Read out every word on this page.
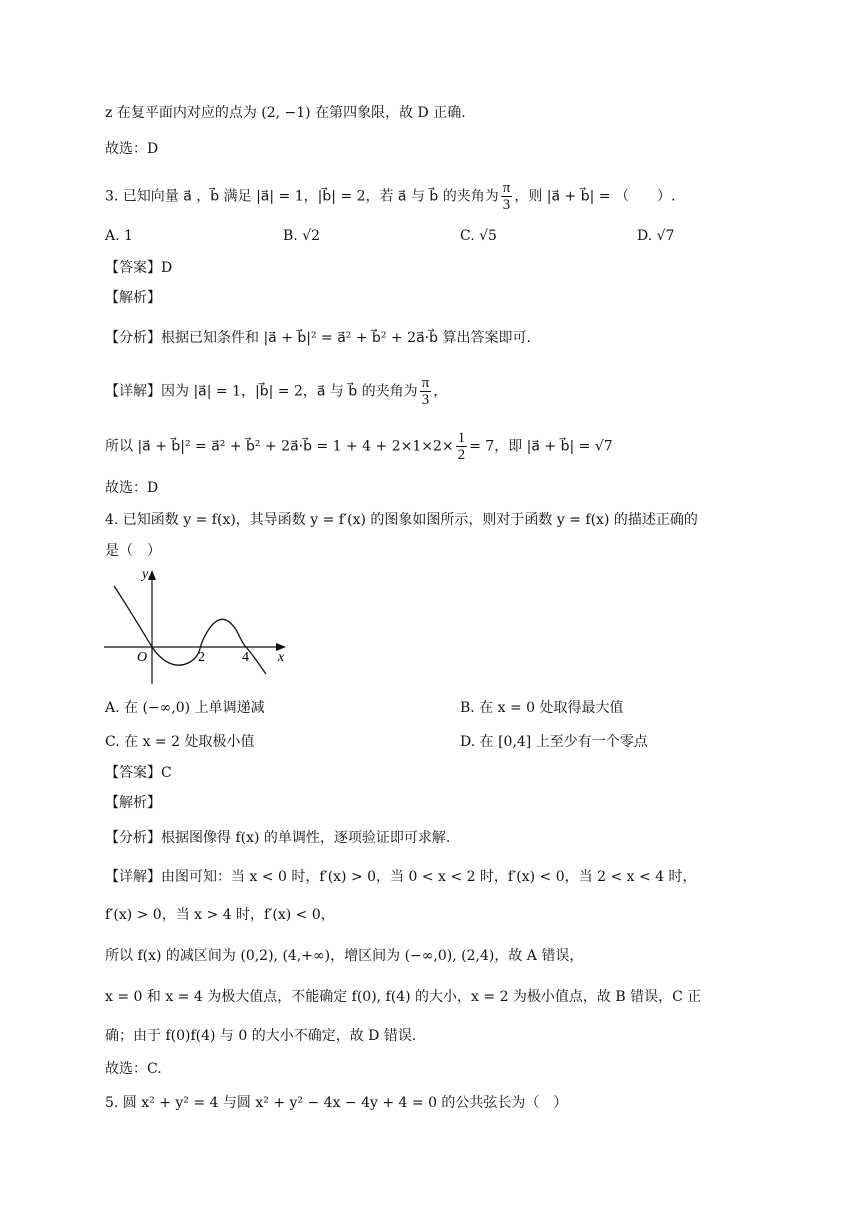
z 在复平面内对应的点为 (2, −1) 在第四象限，故 D 正确.
故选：D
3. 已知向量 a⃗ ，b⃗ 满足 |a⃗| = 1，|b⃗| = 2，若 a⃗ 与 b⃗ 的夹角为 $\frac{\pi}{3}$ ，则 |a⃗ + b⃗| = （　　）.
A. 1	B. √2	C. √5	D. √7
【答案】D
【解析】
【分析】根据已知条件和 |a⃗ + b⃗|² = a⃗² + b⃗² + 2a⃗·b⃗ 算出答案即可.
【详解】因为 |a⃗| = 1，|b⃗| = 2，a⃗ 与 b⃗ 的夹角为 $\frac{\pi}{3}$ ，
所以 |a⃗ + b⃗|² = a⃗² + b⃗² + 2a⃗·b⃗ = $1 + 4 + 2\times 1\times 2\times \frac{1}{2} = 7$，即 |a⃗ + b⃗| = √7
故选：D
4. 已知函数 y = f(x)，其导函数 y = f′(x) 的图象如图所示，则对于函数 y = f(x) 的描述正确的
是（　）
y
x
O	2	4
A. 在 (−∞,0) 上单调递减	B. 在 x = 0 处取得最大值
C. 在 x = 2 处取极小值	D. 在 [0,4] 上至少有一个零点
【答案】C
【解析】
【分析】根据图像得 f(x) 的单调性，逐项验证即可求解.
【详解】由图可知：当 x < 0 时，f′(x) > 0，当 0 < x < 2 时，f′(x) < 0，当 2 < x < 4 时，
f′(x) > 0，当 x > 4 时，f′(x) < 0，
所以 f(x) 的减区间为 (0,2), (4,+∞)，增区间为 (−∞,0), (2,4)，故 A 错误，
x = 0 和 x = 4 为极大值点，不能确定 f(0), f(4) 的大小，x = 2 为极小值点，故 B 错误，C 正
确；由于 f(0)f(4) 与 0 的大小不确定，故 D 错误.
故选：C.
5. 圆 x² + y² = 4 与圆 x² + y² − 4x − 4y + 4 = 0 的公共弦长为（　）
